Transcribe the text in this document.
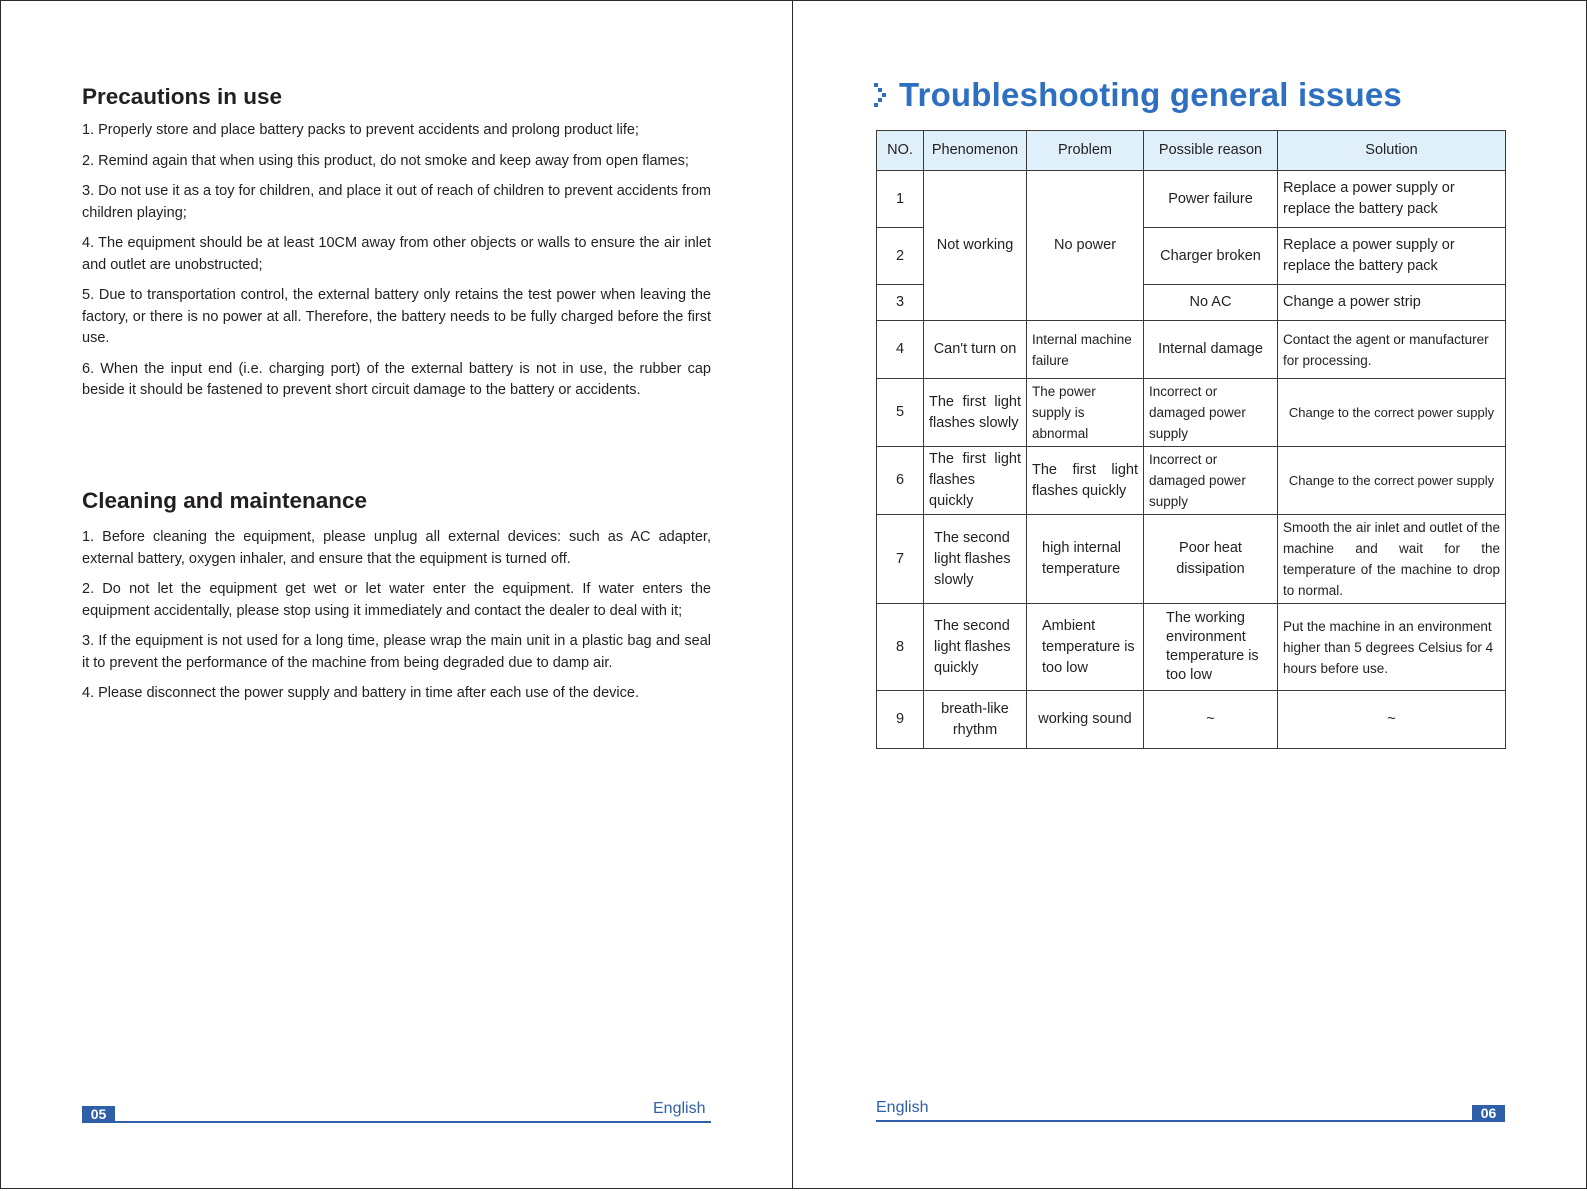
Precautions in use
1. Properly store and place battery packs to prevent accidents and prolong product life;
2. Remind again that when using this product, do not smoke and keep away from open flames;
3. Do not use it as a toy for children, and place it out of reach of children to prevent accidents from children playing;
4. The equipment should be at least 10CM away from other objects or walls to ensure the air inlet and outlet are unobstructed;
5. Due to transportation control, the external battery only retains the test power when leaving the factory, or there is no power at all. Therefore, the battery needs to be fully charged before the first use.
6. When the input end (i.e. charging port) of the external battery is not in use, the rubber cap beside it should be fastened to prevent short circuit damage to the battery or accidents.
Cleaning and maintenance
1. Before cleaning the equipment, please unplug all external devices: such as AC adapter, external battery, oxygen inhaler, and ensure that the equipment is turned off.
2. Do not let the equipment get wet or let water enter the equipment. If water enters the equipment accidentally, please stop using it immediately and contact the dealer to deal with it;
3. If the equipment is not used for a long time, please wrap the main unit in a plastic bag and seal it to prevent the performance of the machine from being degraded due to damp air.
4. Please disconnect the power supply and battery in time after each use of the device.
05	English
Troubleshooting general issues
NO.	Phenomenon	Problem	Possible reason	Solution
1	Not working	No power	Power failure	Replace a power supply or replace the battery pack
2			Charger broken	Replace a power supply or replace the battery pack
3			No AC	Change a power strip
4	Can't turn on	Internal machine failure	Internal damage	Contact the agent or manufacturer for processing.
5	The first light flashes slowly	The power supply is abnormal	Incorrect or damaged power supply	Change to the correct power supply
6	The first light flashes quickly	The first light flashes quickly	Incorrect or damaged power supply	Change to the correct power supply
7	The second light flashes slowly	high internal temperature	Poor heat dissipation	Smooth the air inlet and outlet of the machine and wait for the temperature of the machine to drop to normal.
8	The second light flashes quickly	Ambient temperature is too low	The working environment temperature is too low	Put the machine in an environment higher than 5 degrees Celsius for 4 hours before use.
9	breath-like rhythm	working sound	~	~
English	06
